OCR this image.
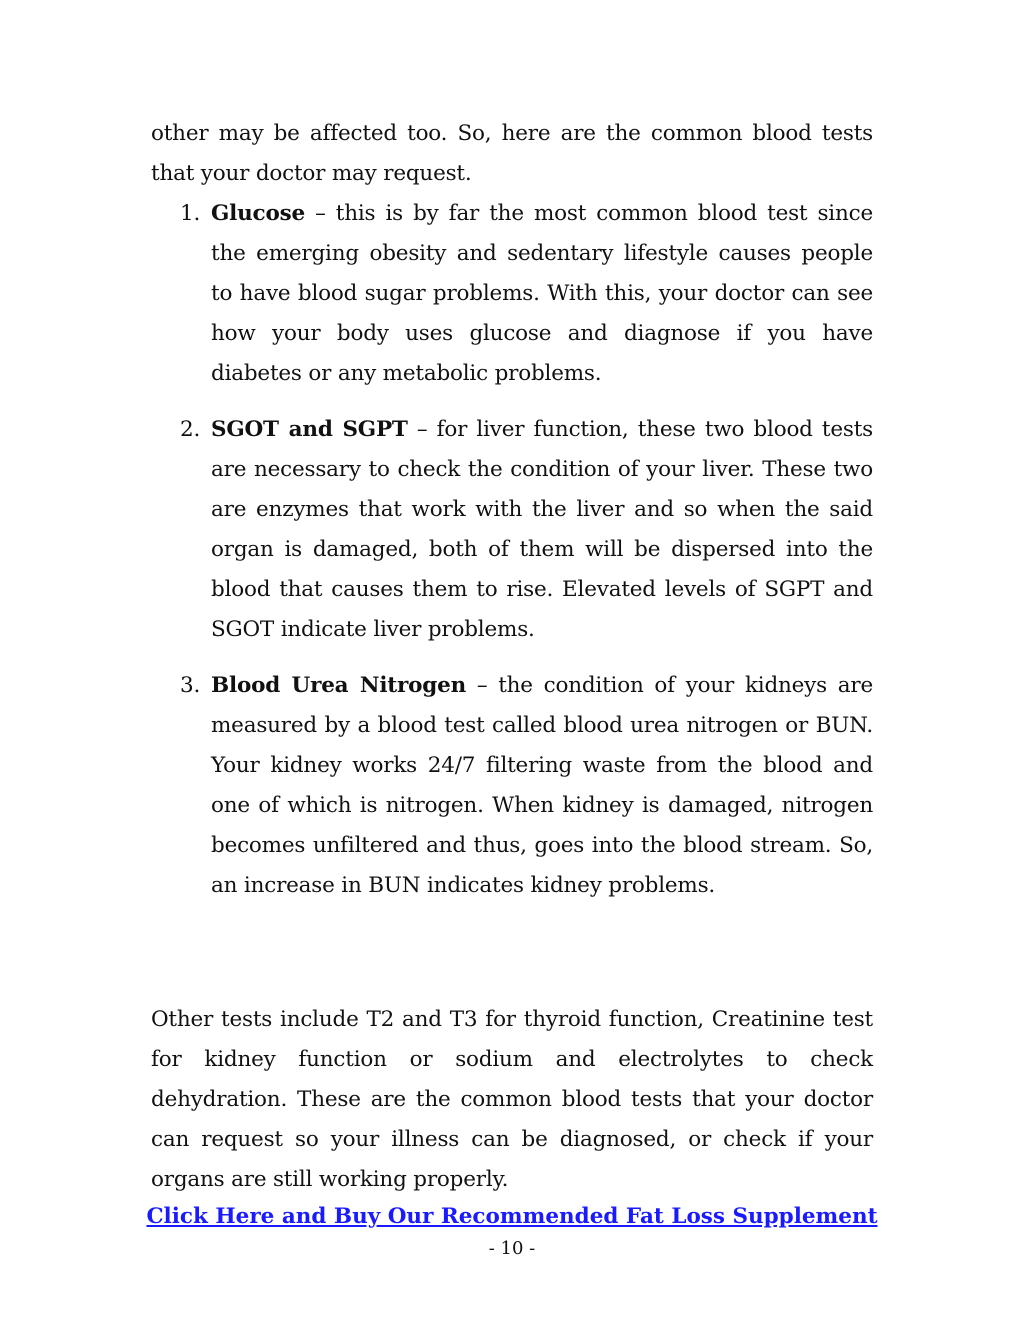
other may be affected too. So, here are the common blood tests that your doctor may request.

1. Glucose – this is by far the most common blood test since the emerging obesity and sedentary lifestyle causes people to have blood sugar problems. With this, your doctor can see how your body uses glucose and diagnose if you have diabetes or any metabolic problems.
2. SGOT and SGPT – for liver function, these two blood tests are necessary to check the condition of your liver. These two are enzymes that work with the liver and so when the said organ is damaged, both of them will be dispersed into the blood that causes them to rise. Elevated levels of SGPT and SGOT indicate liver problems.
3. Blood Urea Nitrogen – the condition of your kidneys are measured by a blood test called blood urea nitrogen or BUN. Your kidney works 24/7 filtering waste from the blood and one of which is nitrogen. When kidney is damaged, nitrogen becomes unfiltered and thus, goes into the blood stream. So, an increase in BUN indicates kidney problems.

Other tests include T2 and T3 for thyroid function, Creatinine test for kidney function or sodium and electrolytes to check dehydration. These are the common blood tests that your doctor can request so your illness can be diagnosed, or check if your organs are still working properly.

Click Here and Buy Our Recommended Fat Loss Supplement
- 10 -
